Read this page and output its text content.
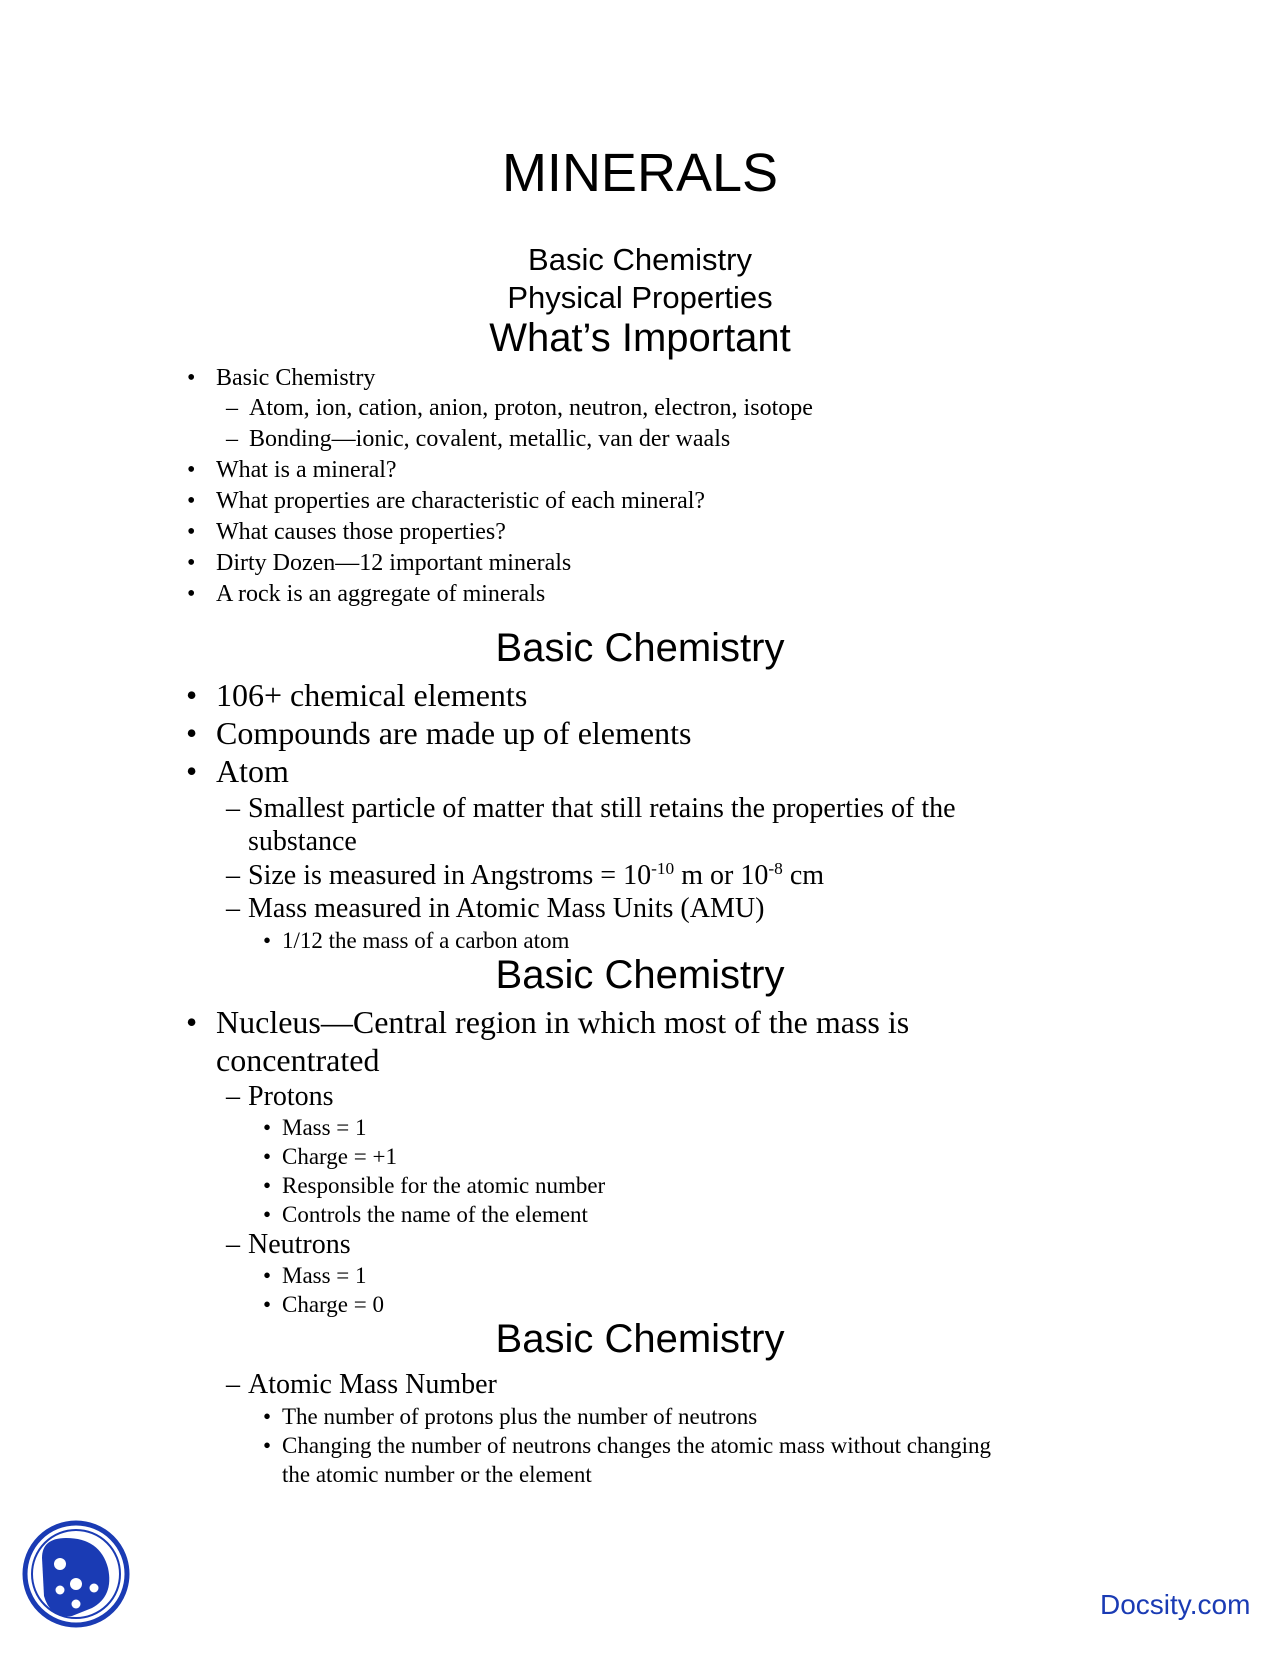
MINERALS
Basic Chemistry
Physical Properties
What’s Important
• Basic Chemistry
– Atom, ion, cation, anion, proton, neutron, electron, isotope
– Bonding—ionic, covalent, metallic, van der waals
• What is a mineral?
• What properties are characteristic of each mineral?
• What causes those properties?
• Dirty Dozen—12 important minerals
• A rock is an aggregate of minerals
Basic Chemistry
• 106+ chemical elements
• Compounds are made up of elements
• Atom
– Smallest particle of matter that still retains the properties of the
substance
– Size is measured in Angstroms = $10^{-10}$ m or $10^{-8}$ cm
– Mass measured in Atomic Mass Units (AMU)
• 1/12 the mass of a carbon atom
Basic Chemistry
• Nucleus—Central region in which most of the mass is
concentrated
– Protons
• Mass = 1
• Charge = +1
• Responsible for the atomic number
• Controls the name of the element
– Neutrons
• Mass = 1
• Charge = 0
Basic Chemistry
– Atomic Mass Number
• The number of protons plus the number of neutrons
• Changing the number of neutrons changes the atomic mass without changing
the atomic number or the element
Docsity.com
